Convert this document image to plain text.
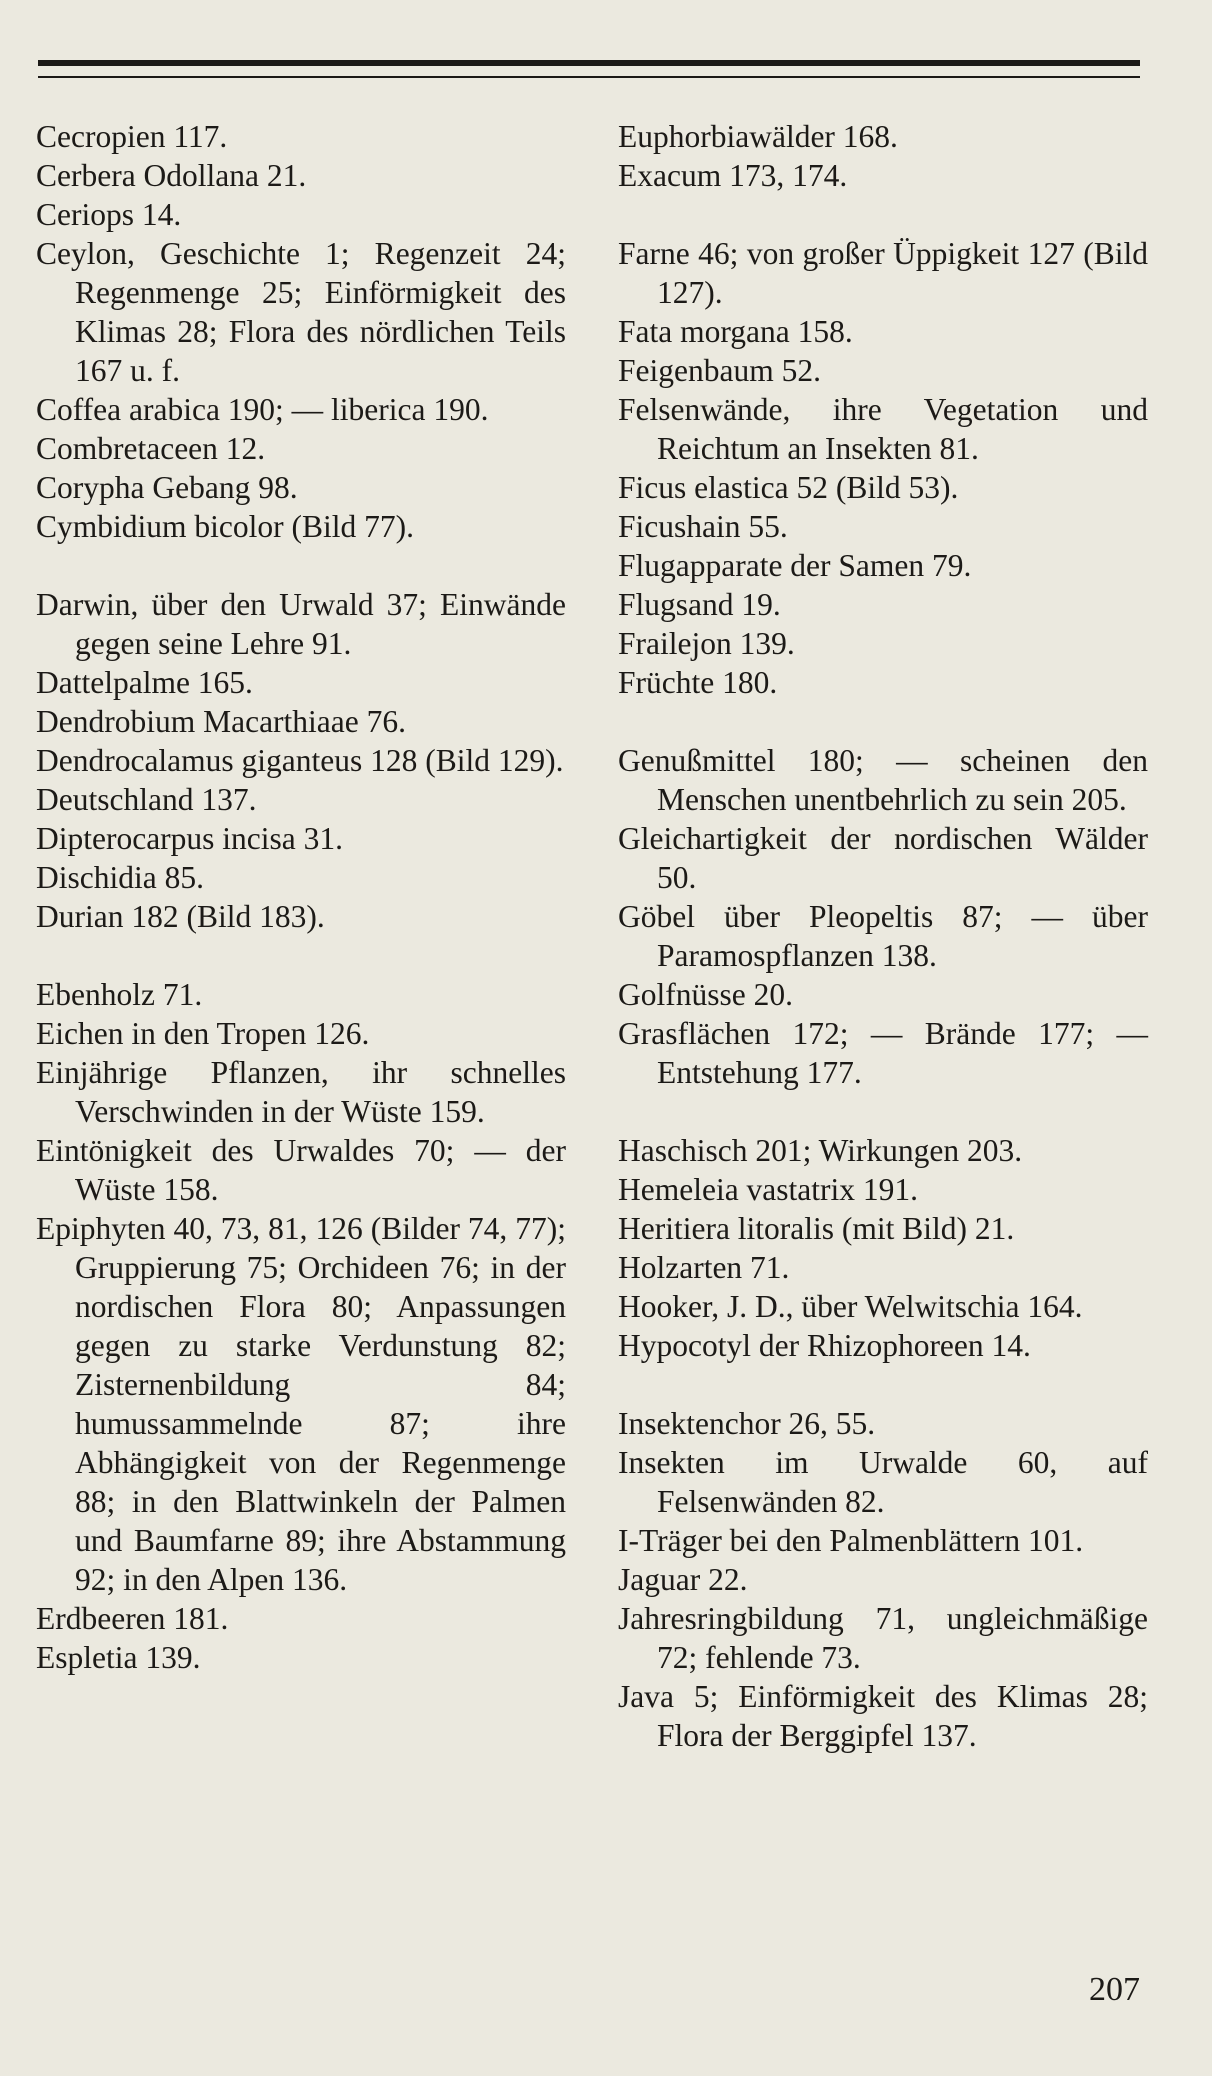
Cecropien 117.

Cerbera Odollana 21.

Ceriops 14.

Ceylon, Geschichte 1; Regenzeit 24; Regenmenge 25; Einförmigkeit des Klimas 28; Flora des nördlichen Teils 167 u. f.

Coffea arabica 190; — liberica 190.

Combretaceen 12.

Corypha Gebang 98.

Cymbidium bicolor (Bild 77).

Darwin, über den Urwald 37; Einwände gegen seine Lehre 91.

Dattelpalme 165.

Dendrobium Macarthiaae 76.

Dendrocalamus giganteus 128 (Bild 129).

Deutschland 137.

Dipterocarpus incisa 31.

Dischidia 85.

Durian 182 (Bild 183).

Ebenholz 71.

Eichen in den Tropen 126.

Einjährige Pflanzen, ihr schnelles Verschwinden in der Wüste 159.

Eintönigkeit des Urwaldes 70; — der Wüste 158.

Epiphyten 40, 73, 81, 126 (Bilder 74, 77); Gruppierung 75; Orchideen 76; in der nordischen Flora 80; Anpassungen gegen zu starke Verdunstung 82; Zisternenbildung 84; humussammelnde 87; ihre Abhängigkeit von der Regenmenge 88; in den Blattwinkeln der Palmen und Baumfarne 89; ihre Abstammung 92; in den Alpen 136.

Erdbeeren 181.

Espletia 139.

Euphorbiawälder 168.

Exacum 173, 174.

Farne 46; von großer Üppigkeit 127 (Bild 127).

Fata morgana 158.

Feigenbaum 52.

Felsenwände, ihre Vegetation und Reichtum an Insekten 81.

Ficus elastica 52 (Bild 53).

Ficushain 55.

Flugapparate der Samen 79.

Flugsand 19.

Frailejon 139.

Früchte 180.

Genußmittel 180; — scheinen den Menschen unentbehrlich zu sein 205.

Gleichartigkeit der nordischen Wälder 50.

Göbel über Pleopeltis 87; — über Paramospflanzen 138.

Golfnüsse 20.

Grasflächen 172; — Brände 177; — Entstehung 177.

Haschisch 201; Wirkungen 203.

Hemeleia vastatrix 191.

Heritiera litoralis (mit Bild) 21.

Holzarten 71.

Hooker, J. D., über Welwitschia 164.

Hypocotyl der Rhizophoreen 14.

Insektenchor 26, 55.

Insekten im Urwalde 60, auf Felsenwänden 82.

I-Träger bei den Palmenblättern 101.

Jaguar 22.

Jahresringbildung 71, ungleichmäßige 72; fehlende 73.

Java 5; Einförmigkeit des Klimas 28; Flora der Berggipfel 137.

207
